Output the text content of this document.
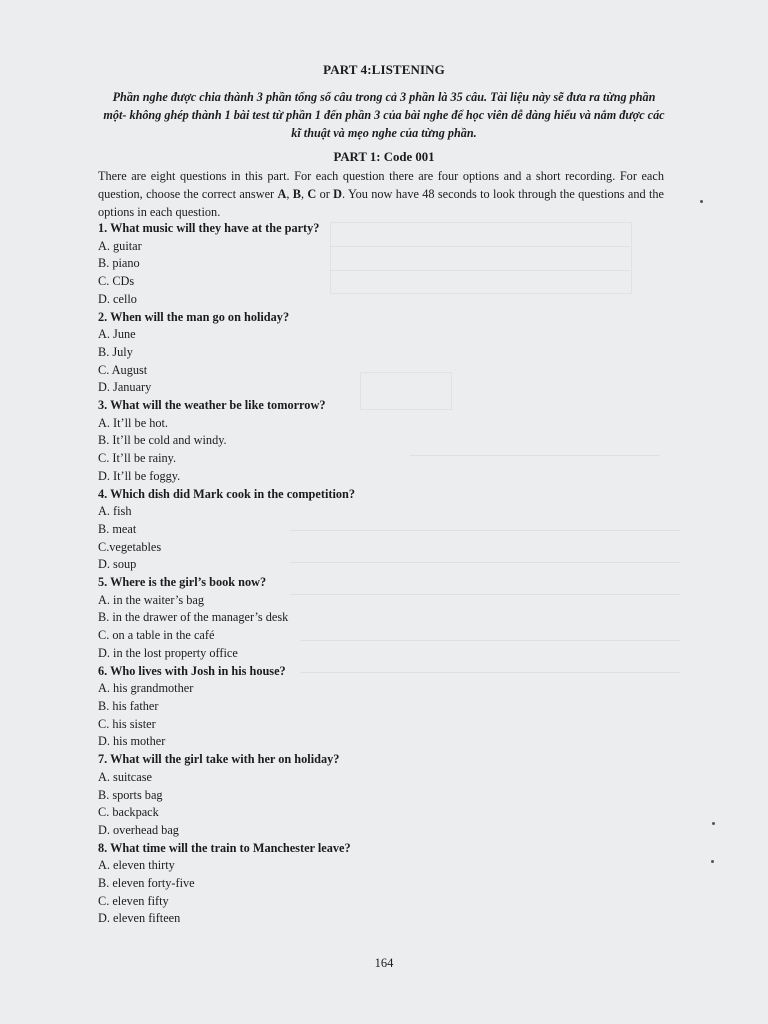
PART 4:LISTENING
Phần nghe được chia thành 3 phần tổng số câu trong cả 3 phần là 35 câu. Tài liệu này sẽ đưa ra từng phần một- không ghép thành 1 bài test từ phần 1 đến phần 3 của bài nghe để học viên dễ dàng hiểu và nắm được các kĩ thuật và mẹo nghe của từng phần.
PART 1: Code 001
There are eight questions in this part. For each question there are four options and a short recording. For each question, choose the correct answer A, B, C or D. You now have 48 seconds to look through the questions and the options in each question.
1. What music will they have at the party?
A. guitar
B. piano
C. CDs
D. cello
2. When will the man go on holiday?
A. June
B. July
C. August
D. January
3. What will the weather be like tomorrow?
A. It’ll be hot.
B. It’ll be cold and windy.
C. It’ll be rainy.
D. It’ll be foggy.
4. Which dish did Mark cook in the competition?
A. fish
B. meat
C.vegetables
D. soup
5. Where is the girl’s book now?
A. in the waiter’s bag
B. in the drawer of the manager’s desk
C. on a table in the café
D. in the lost property office
6. Who lives with Josh in his house?
A. his grandmother
B. his father
C. his sister
D. his mother
7. What will the girl take with her on holiday?
A. suitcase
B. sports bag
C. backpack
D. overhead bag
8. What time will the train to Manchester leave?
A. eleven thirty
B. eleven forty-five
C. eleven fifty
D. eleven fifteen
164
